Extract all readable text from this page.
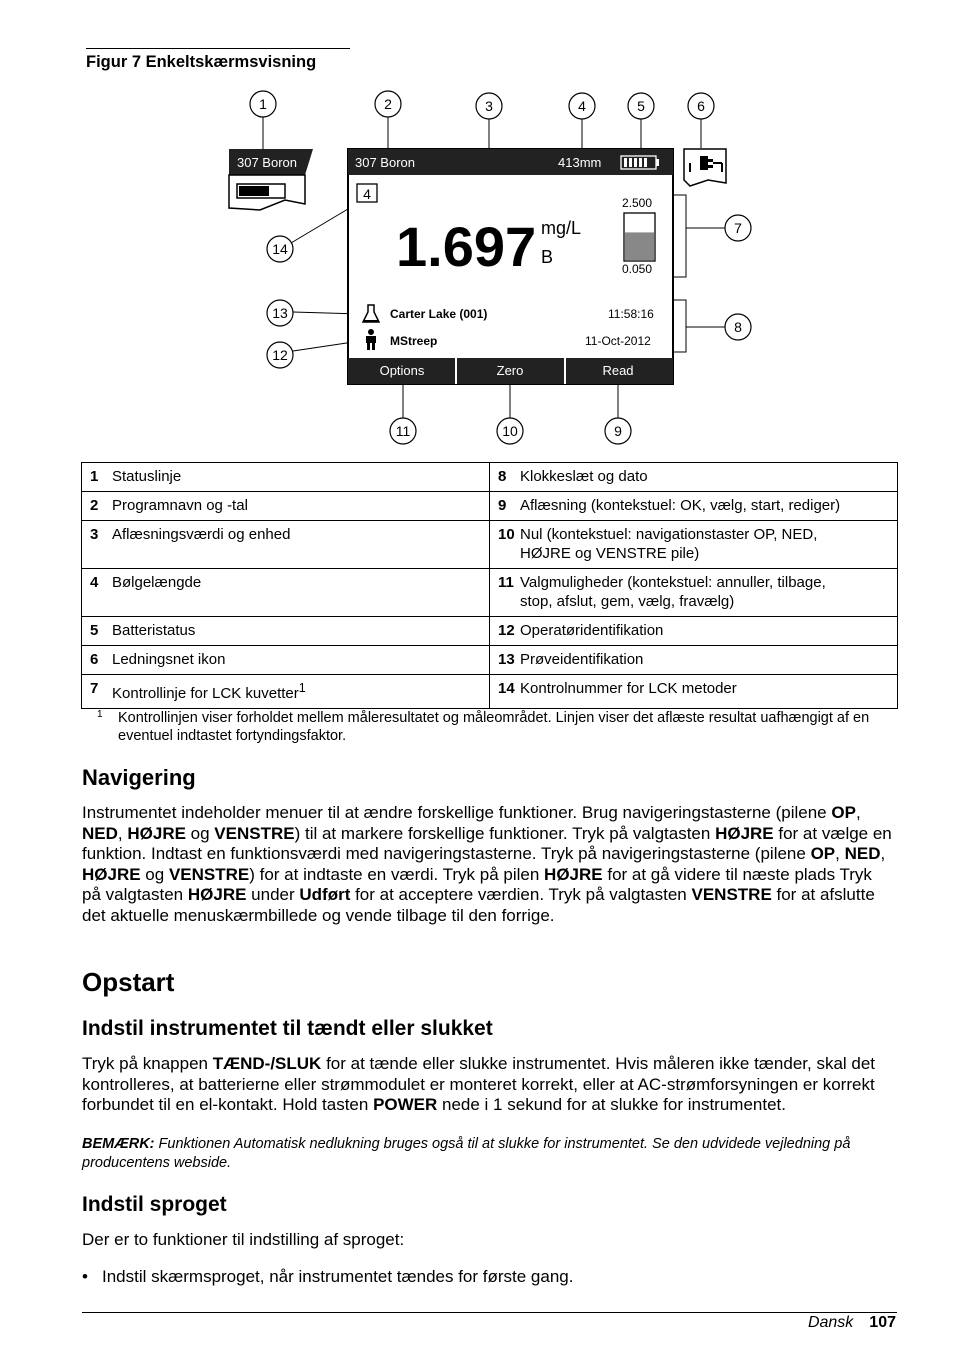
Figur 7 Enkeltskærmsvisning
307 Boron	307 Boron	413mm
4
1.697 mg/L
B
2.500
0.050
Carter Lake (001)	11:58:16
MStreep	11-Oct-2012
Options	Zero	Read
1	2	3	4	5	6
7
8
9
10
11
12
13
14
1 Statuslinje	8 Klokkeslæt og dato
2 Programnavn og -tal	9 Aflæsning (kontekstuel: OK, vælg, start, rediger)
3 Aflæsningsværdi og enhed	10 Nul (kontekstuel: navigationstaster OP, NED, HØJRE og VENSTRE pile)
4 Bølgelængde	11 Valgmuligheder (kontekstuel: annuller, tilbage, stop, afslut, gem, vælg, fravælg)
5 Batteristatus	12 Operatøridentifikation
6 Ledningsnet ikon	13 Prøveidentifikation
7 Kontrollinje for LCK kuvetter$^1$	14 Kontrolnummer for LCK metoder
1 Kontrollinjen viser forholdet mellem måleresultatet og måleområdet. Linjen viser det aflæste resultat uafhængigt af en eventuel indtastet fortyndingsfaktor.
Navigering

Instrumentet indeholder menuer til at ændre forskellige funktioner. Brug navigeringstasterne (pilene OP, NED, HØJRE og VENSTRE) til at markere forskellige funktioner. Tryk på valgtasten HØJRE for at vælge en funktion. Indtast en funktionsværdi med navigeringstasterne. Tryk på navigeringstasterne (pilene OP, NED, HØJRE og VENSTRE) for at indtaste en værdi. Tryk på pilen HØJRE for at gå videre til næste plads Tryk på valgtasten HØJRE under Udført for at acceptere værdien. Tryk på valgtasten VENSTRE for at afslutte det aktuelle menuskærmbillede og vende tilbage til den forrige.

Opstart
Indstil instrumentet til tændt eller slukket

Tryk på knappen TÆND-/SLUK for at tænde eller slukke instrumentet. Hvis måleren ikke tænder, skal det kontrolleres, at batterierne eller strømmodulet er monteret korrekt, eller at AC-strømforsyningen er korrekt forbundet til en el-kontakt. Hold tasten POWER nede i 1 sekund for at slukke for instrumentet.

BEMÆRK: Funktionen Automatisk nedlukning bruges også til at slukke for instrumentet. Se den udvidede vejledning på producentens webside.
Indstil sproget

Der er to funktioner til indstilling af sproget:

• Indstil skærmsproget, når instrumentet tændes for første gang.
Dansk 107
